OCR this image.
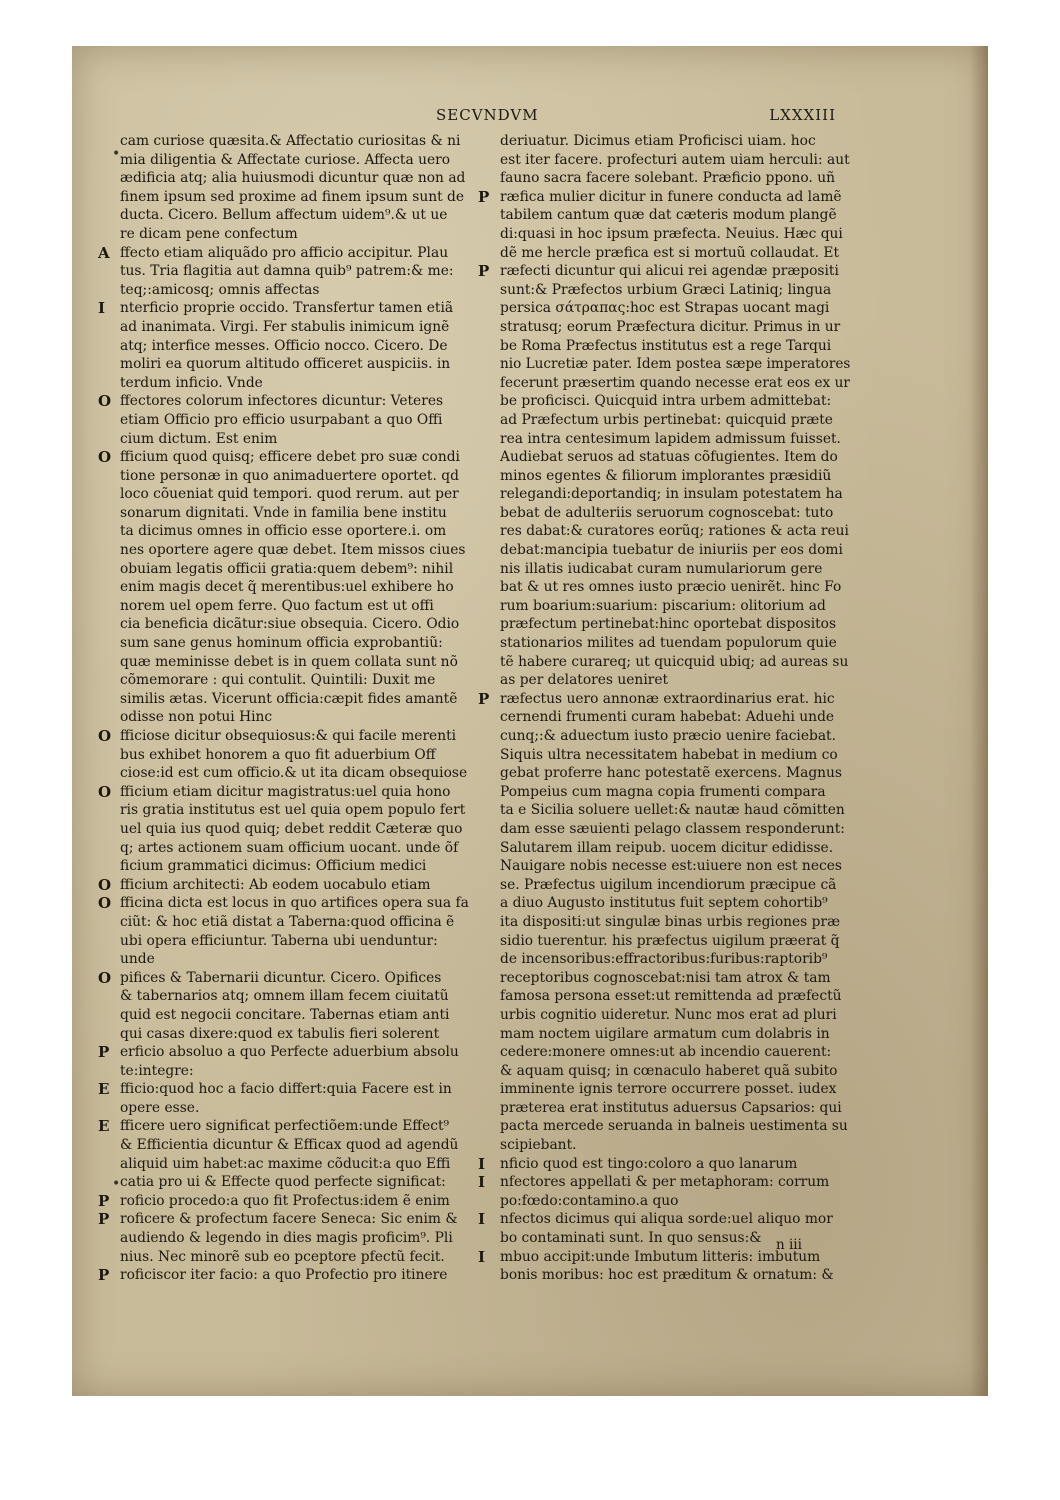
SECVNDVM	LXXXIII
cam curiose quæsita.& Affectatio curiositas & ni
mia diligentia & Affectate curiose. Affecta uero
ædificia atq; alia huiusmodi dicuntur quæ non ad
finem ipsum sed proxime ad finem ipsum sunt de
ducta. Cicero. Bellum affectum uidem⁹.& ut ue
re dicam pene confectum
A ffecto etiam aliquãdo pro afficio accipitur. Plau
tus. Tria flagitia aut damna quib⁹ patrem:& me:
teq;:amicosq; omnis affectas
I nterficio proprie occido. Transfertur tamen etiã
ad inanimata. Virgi. Fer stabulis inimicum ignẽ
atq; interfice messes. Officio nocco. Cicero. De
moliri ea quorum altitudo officeret auspiciis. in
terdum inficio. Vnde
O ffectores colorum infectores dicuntur: Veteres
etiam Officio pro efficio usurpabant a quo Offi
cium dictum. Est enim
O fficium quod quisq; efficere debet pro suæ condi
tione personæ in quo animaduertere oportet. qd
loco cõueniat quid tempori. quod rerum. aut per
sonarum dignitati. Vnde in familia bene institu
ta dicimus omnes in officio esse oportere.i. om
nes oportere agere quæ debet. Item missos ciues
obuiam legatis officii gratia:quem debem⁹: nihil
enim magis decet q̃ merentibus:uel exhibere ho
norem uel opem ferre. Quo factum est ut offi
cia beneficia dicãtur:siue obsequia. Cicero. Odio
sum sane genus hominum officia exprobantiũ:
quæ meminisse debet is in quem collata sunt nõ
cõmemorare : qui contulit. Quintili: Duxit me
similis ætas. Vicerunt officia:cæpit fides amantẽ
odisse non potui Hinc
O fficiose dicitur obsequiosus:& qui facile merenti
bus exhibet honorem a quo fit aduerbium Off
ciose:id est cum officio.& ut ita dicam obsequiose
O fficium etiam dicitur magistratus:uel quia hono
ris gratia institutus est uel quia opem populo fert
uel quia ius quod quiq; debet reddit Cæteræ quo
q; artes actionem suam officium uocant. unde õf
ficium grammatici dicimus: Officium medici
O fficium architecti: Ab eodem uocabulo etiam
O fficina dicta est locus in quo artifices opera sua fa
ciũt: & hoc etiã distat a Taberna:quod officina ẽ
ubi opera efficiuntur. Taberna ubi uenduntur:
unde
O pifices & Tabernarii dicuntur. Cicero. Opifices
& tabernarios atq; omnem illam fecem ciuitatũ
quid est negocii concitare. Tabernas etiam anti
qui casas dixere:quod ex tabulis fieri solerent
P erficio absoluo a quo Perfecte aduerbium absolu
te:integre:
E fficio:quod hoc a facio differt:quia Facere est in
opere esse.
E fficere uero significat perfectiõem:unde Effect⁹
& Efficientia dicuntur & Efficax quod ad agendũ
aliquid uim habet:ac maxime cõducit:a quo Effi
catia pro ui & Effecte quod perfecte significat:
P roficio procedo:a quo fit Profectus:idem ẽ enim
P roficere & profectum facere Seneca: Sic enim &
audiendo & legendo in dies magis proficim⁹. Pli
nius. Nec minorẽ sub eo pceptore pfectũ fecit.
P roficiscor iter facio: a quo Profectio pro itinere
deriuatur. Dicimus etiam Proficisci uiam. hoc
est iter facere. profecturi autem uiam herculi: aut
fauno sacra facere solebant. Præficio ppono. uñ
P ræfica mulier dicitur in funere conducta ad lamẽ
tabilem cantum quæ dat cæteris modum plangẽ
di:quasi in hoc ipsum præfecta. Neuius. Hæc qui
dẽ me hercle præfica est si mortuũ collaudat. Et
P ræfecti dicuntur qui alicui rei agendæ præpositi
sunt:& Præfectos urbium Græci Latiniq; lingua
persica σάτραπας:hoc est Strapas uocant magi
stratusq; eorum Præfectura dicitur. Primus in ur
be Roma Præfectus institutus est a rege Tarqui
nio Lucretiæ pater. Idem postea sæpe imperatores
fecerunt præsertim quando necesse erat eos ex ur
be proficisci. Quicquid intra urbem admittebat:
ad Præfectum urbis pertinebat: quicquid præte
rea intra centesimum lapidem admissum fuisset.
Audiebat seruos ad statuas cõfugientes. Item do
minos egentes & filiorum implorantes præsidiũ
relegandi:deportandiq; in insulam potestatem ha
bebat de adulteriis seruorum cognoscebat: tuto
res dabat:& curatores eorũq; rationes & acta reui
debat:mancipia tuebatur de iniuriis per eos domi
nis illatis iudicabat curam numulariorum gere
bat & ut res omnes iusto præcio uenirẽt. hinc Fo
rum boarium:suarium: piscarium: olitorium ad
præfectum pertinebat:hinc oportebat dispositos
stationarios milites ad tuendam populorum quie
tẽ habere curareq; ut quicquid ubiq; ad aureas su
as per delatores ueniret
P ræfectus uero annonæ extraordinarius erat. hic
cernendi frumenti curam habebat: Aduehi unde
cunq;:& aduectum iusto præcio uenire faciebat.
Siquis ultra necessitatem habebat in medium co
gebat proferre hanc potestatẽ exercens. Magnus
Pompeius cum magna copia frumenti compara
ta e Sicilia soluere uellet:& nautæ haud cõmitten
dam esse sæuienti pelago classem responderunt:
Salutarem illam reipub. uocem dicitur edidisse.
Nauigare nobis necesse est:uiuere non est neces
se. Præfectus uigilum incendiorum præcipue cã
a diuo Augusto institutus fuit septem cohortib⁹
ita dispositi:ut singulæ binas urbis regiones præ
sidio tuerentur. his præfectus uigilum præerat q̃
de incensoribus:effractoribus:furibus:raptorib⁹
receptoribus cognoscebat:nisi tam atrox & tam
famosa persona esset:ut remittenda ad præfectũ
urbis cognitio uideretur. Nunc mos erat ad pluri
mam noctem uigilare armatum cum dolabris in
cedere:monere omnes:ut ab incendio cauerent:
& aquam quisq; in cœnaculo haberet quã subito
imminente ignis terrore occurrere posset. iudex
præterea erat institutus aduersus Capsarios: qui
pacta mercede seruanda in balneis uestimenta su
scipiebant.
I nficio quod est tingo:coloro a quo lanarum
I nfectores appellati & per metaphoram: corrum
po:fœdo:contamino.a quo
I nfectos dicimus qui aliqua sorde:uel aliquo mor
bo contaminati sunt. In quo sensus:&
I mbuo accipit:unde Imbutum litteris: imbutum
bonis moribus: hoc est præditum & ornatum: &
n iii
•
•
